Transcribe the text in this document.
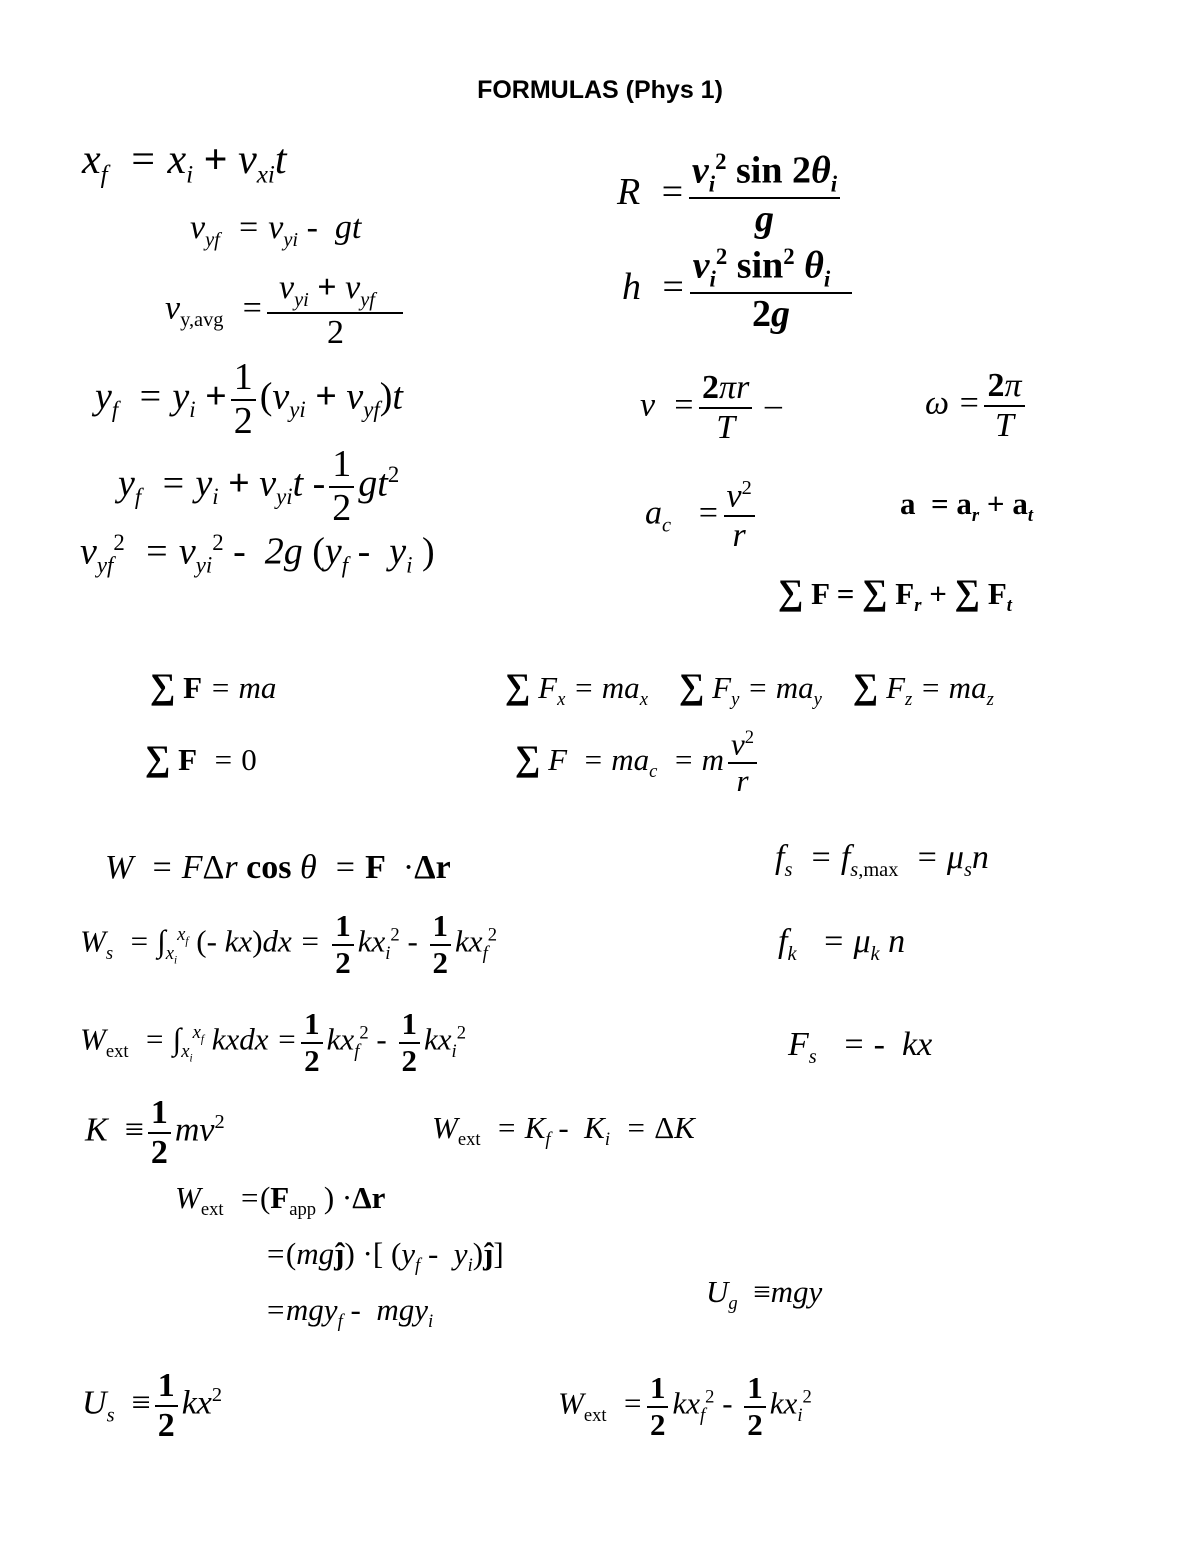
FORMULAS (Phys 1)
$x_f = x_i + v_{xi}t$
$v_{yf} = v_{yi}$ -  gt
$v_{y,avg} = \frac{v_{yi} + v_{yf}}{2}$
$y_f = y_i + \frac{1}{2} (v_{yi} + v_{yf})t$
$y_f = y_i + v_{yi}t - \frac{1}{2} gt^2$
$v_{yf}^2 = v_{yi}^2 - 2g$ ($y_f - y_i$ )
$R = \frac{v_i^2 \sin 2\theta_i}{g}$
$h = \frac{v_i^2 \sin^2 \theta_i}{2g}$
$v = \frac{2\pi r}{T}$ –	$\omega = \frac{2\pi}{T}$
$a_c = \frac{v^2}{r}$	$a = a_r + a_t$
∑ F = ∑ $F_r$ + ∑ $F_t$
∑ F = ma	∑ $F_x = ma_x$ ∑ $F_y = ma_y$ ∑ $F_z = ma_z$
∑ F  = 0	∑ $F = ma_c = m \frac{v^2}{r}$
W  = FΔr cos θ  = F ·Δr
$W_s = \int_{x_i}^{x_f}$ (- $kx)dx = \frac{1}{2} kx_i^2 - \frac{1}{2} kx_f^2$
$W_{ext} = \int_{x_i}^{x_f}$ kxdx = $\frac{1}{2} kx_f^2 - \frac{1}{2} kx_i^2$
$K \equiv \frac{1}{2} mv^2$	$W_{ext} = K_f - K_i = \Delta K$
$W_{ext} =(F_{app}$ ) ·Δr
=(mgĵ) ·[ ($y_f$ -  $y_i)ĵ$]
=mgy$_f$ -  mgy$_i$
$U_g \equiv mgy$
$U_s \equiv \frac{1}{2} kx^2$	$W_{ext} = \frac{1}{2} kx_f^2 - \frac{1}{2} kx_i^2$
$f_s = f_{s,max} = \mu_sn$
$f_k = \mu_k$ n
$F_s$   = -  kx
